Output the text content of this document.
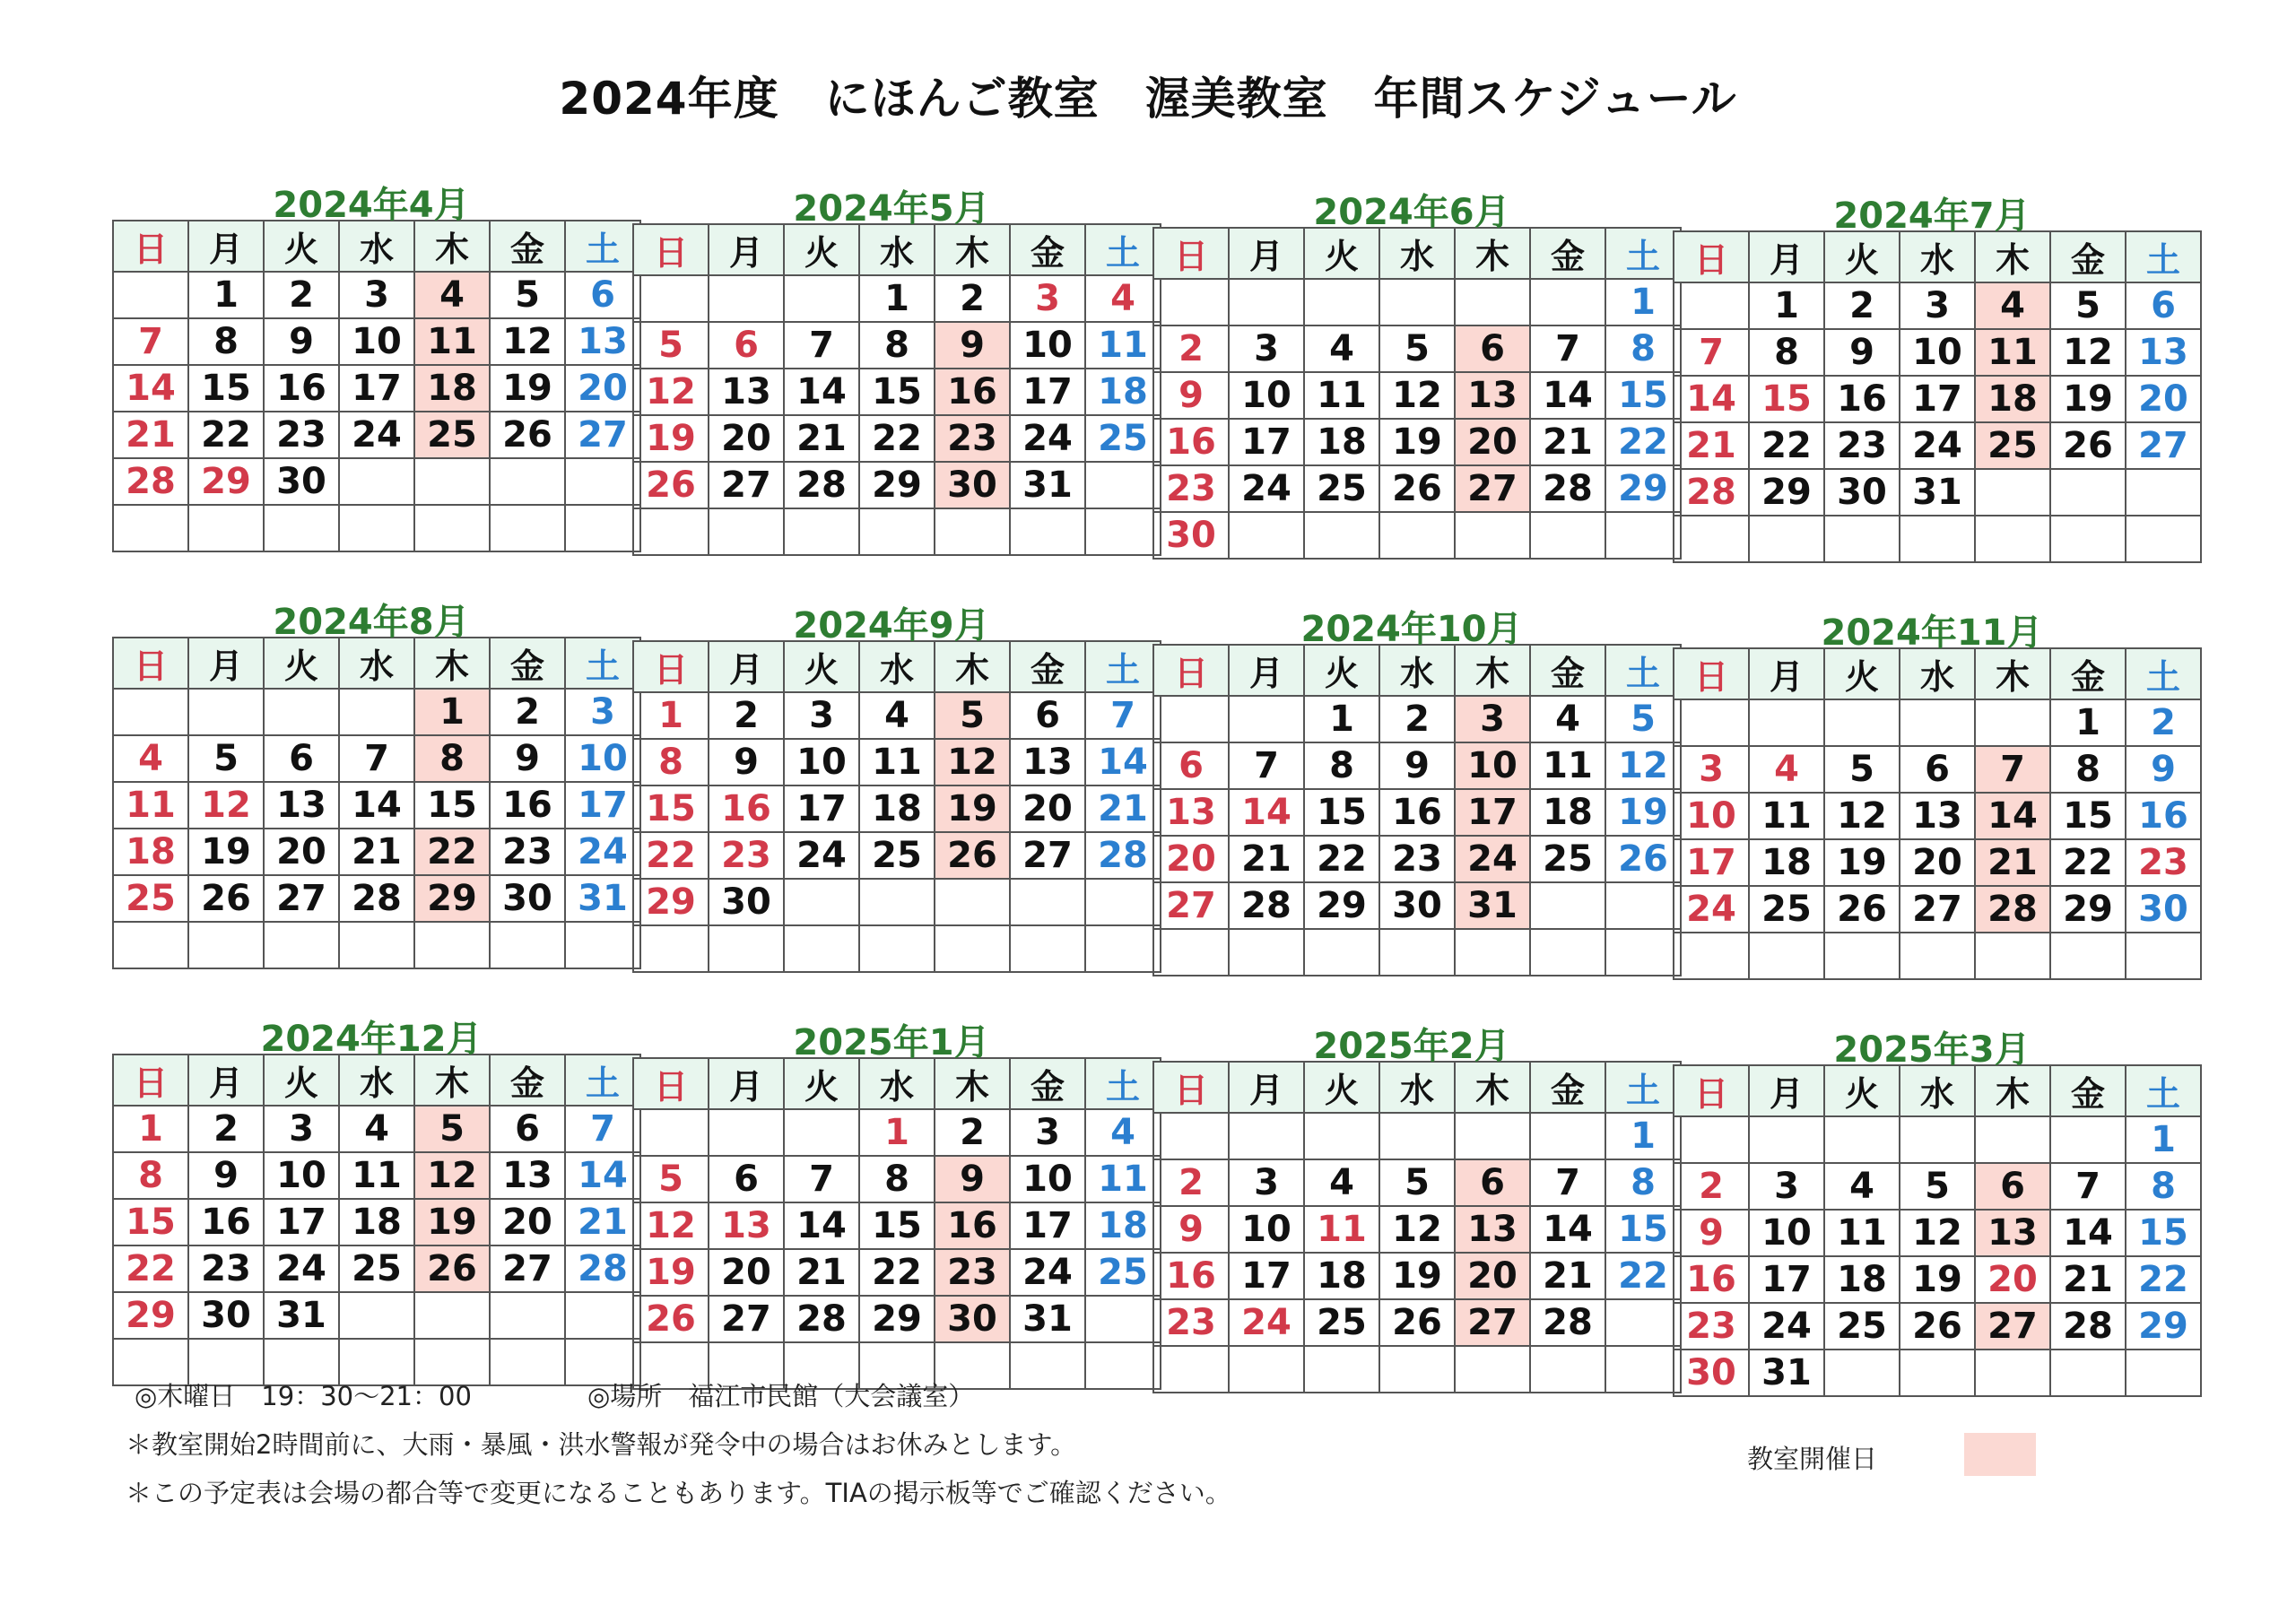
2024年度　にほんご教室　渥美教室　年間スケジュール
2024年4月
日	月	火	水	木	金	土
	1	2	3	4	5	6
7	8	9	10	11	12	13
14	15	16	17	18	19	20
21	22	23	24	25	26	27
28	29	30				

2024年5月
日	月	火	水	木	金	土
			1	2	3	4
5	6	7	8	9	10	11
12	13	14	15	16	17	18
19	20	21	22	23	24	25
26	27	28	29	30	31	

2024年6月
日	月	火	水	木	金	土
						1
2	3	4	5	6	7	8
9	10	11	12	13	14	15
16	17	18	19	20	21	22
23	24	25	26	27	28	29
30						
2024年7月
日	月	火	水	木	金	土
	1	2	3	4	5	6
7	8	9	10	11	12	13
14	15	16	17	18	19	20
21	22	23	24	25	26	27
28	29	30	31			

2024年8月
日	月	火	水	木	金	土
				1	2	3
4	5	6	7	8	9	10
11	12	13	14	15	16	17
18	19	20	21	22	23	24
25	26	27	28	29	30	31

2024年9月
日	月	火	水	木	金	土
1	2	3	4	5	6	7
8	9	10	11	12	13	14
15	16	17	18	19	20	21
22	23	24	25	26	27	28
29	30					

2024年10月
日	月	火	水	木	金	土
		1	2	3	4	5
6	7	8	9	10	11	12
13	14	15	16	17	18	19
20	21	22	23	24	25	26
27	28	29	30	31		

2024年11月
日	月	火	水	木	金	土
					1	2
3	4	5	6	7	8	9
10	11	12	13	14	15	16
17	18	19	20	21	22	23
24	25	26	27	28	29	30

2024年12月
日	月	火	水	木	金	土
1	2	3	4	5	6	7
8	9	10	11	12	13	14
15	16	17	18	19	20	21
22	23	24	25	26	27	28
29	30	31				

2025年1月
日	月	火	水	木	金	土
			1	2	3	4
5	6	7	8	9	10	11
12	13	14	15	16	17	18
19	20	21	22	23	24	25
26	27	28	29	30	31	

2025年2月
日	月	火	水	木	金	土
						1
2	3	4	5	6	7	8
9	10	11	12	13	14	15
16	17	18	19	20	21	22
23	24	25	26	27	28	

2025年3月
日	月	火	水	木	金	土
						1
2	3	4	5	6	7	8
9	10	11	12	13	14	15
16	17	18	19	20	21	22
23	24	25	26	27	28	29
30	31					
◎木曜日　19：30～21：00	◎場所　福江市民館（大会議室）
＊教室開始2時間前に、大雨・暴風・洪水警報が発令中の場合はお休みとします。
＊この予定表は会場の都合等で変更になることもあります。TIAの掲示板等でご確認ください。
教室開催日
